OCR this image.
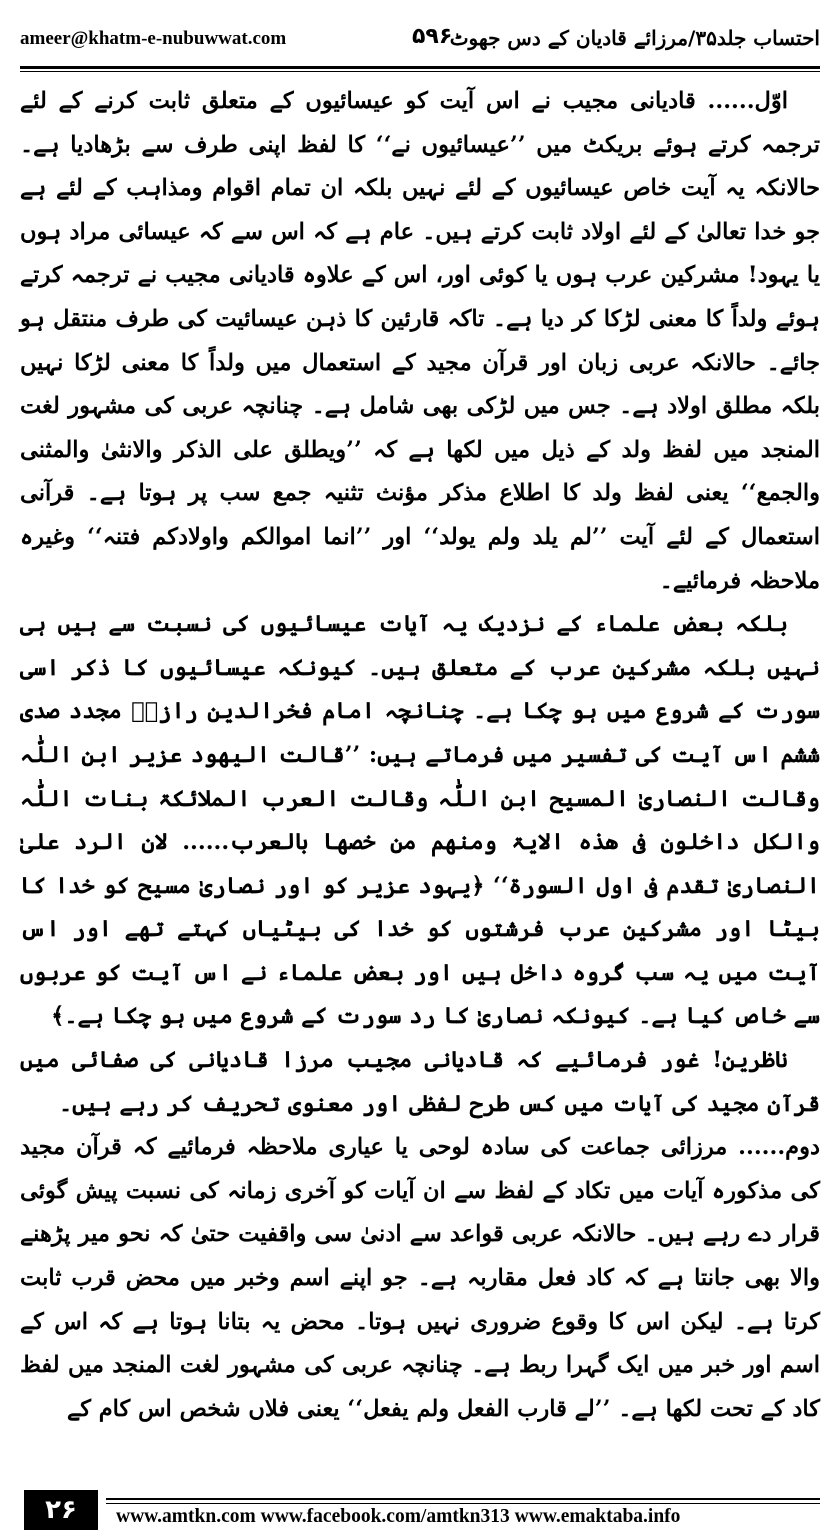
ameer@khatm-e-nubuwwat.com	۵۹۶
احتساب جلد۳۵/مرزائے قادیان کے دس جھوٹ

اوّل...... قادیانی مجیب نے اس آیت کو عیسائیوں کے متعلق ثابت کرنے کے لئے ترجمہ کرتے ہوئے بریکٹ میں ’’عیسائیوں نے‘‘ کا لفظ اپنی طرف سے بڑھادیا ہے۔ حالانکہ یہ آیت خاص عیسائیوں کے لئے نہیں بلکہ ان تمام اقوام ومذاہب کے لئے ہے جو خدا تعالیٰ کے لئے اولاد ثابت کرتے ہیں۔ عام ہے کہ اس سے کہ عیسائی مراد ہوں یا یہود! مشرکین عرب ہوں یا کوئی اور، اس کے علاوہ قادیانی مجیب نے ترجمہ کرتے ہوئے ولداً کا معنی لڑکا کر دیا ہے۔ تاکہ قارئین کا ذہن عیسائیت کی طرف منتقل ہو جائے۔ حالانکہ عربی زبان اور قرآن مجید کے استعمال میں ولداً کا معنی لڑکا نہیں بلکہ مطلق اولاد ہے۔ جس میں لڑکی بھی شامل ہے۔ چنانچہ عربی کی مشہور لغت المنجد میں لفظ ولد کے ذیل میں لکھا ہے کہ ’’ویطلق علی الذکر والانثیٰ والمثنی والجمع‘‘ یعنی لفظ ولد کا اطلاع مذکر مؤنث تثنیہ جمع سب پر ہوتا ہے۔ قرآنی استعمال کے لئے آیت ’’لم یلد ولم یولد‘‘ اور ’’انما اموالکم واولادکم فتنہ‘‘ وغیرہ ملاحظہ فرمائیے۔

بلکہ بعض علماء کے نزدیک یہ آیات عیسائیوں کی نسبت سے ہیں ہی نہیں بلکہ مشرکین عرب کے متعلق ہیں۔ کیونکہ عیسائیوں کا ذکر اسی سورت کے شروع میں ہو چکا ہے۔ چنانچہ امام فخرالدین رازیؒ مجدد صدی ششم اس آیت کی تفسیر میں فرماتے ہیں: ’’قالت الیھود عزیر ابن اللّٰہ وقالت النصاریٰ المسیح ابن اللّٰہ وقالت العرب الملائکۃ بنات اللّٰہ والکل داخلون فی ھذہ الایۃ ومنھم من خصھا بالعرب...... لان الرد علیٰ النصاریٰ تقدم فی اول السورۃ‘‘ ﴿یہود عزیر کو اور نصاریٰ مسیح کو خدا کا بیٹا اور مشرکین عرب فرشتوں کو خدا کی بیٹیاں کہتے تھے اور اس آیت میں یہ سب گروہ داخل ہیں اور بعض علماء نے اس آیت کو عربوں سے خاص کیا ہے۔ کیونکہ نصاریٰ کا رد سورت کے شروع میں ہو چکا ہے۔﴾

ناظرین! غور فرمائیے کہ قادیانی مجیب مرزا قادیانی کی صفائی میں قرآن مجید کی آیات میں کس طرح لفظی اور معنوی تحریف کر رہے ہیں۔

دوم...... مرزائی جماعت کی سادہ لوحی یا عیاری ملاحظہ فرمائیے کہ قرآن مجید کی مذکورہ آیات میں تکاد کے لفظ سے ان آیات کو آخری زمانہ کی نسبت پیش گوئی قرار دے رہے ہیں۔ حالانکہ عربی قواعد سے ادنیٰ سی واقفیت حتیٰ کہ نحو میر پڑھنے والا بھی جانتا ہے کہ کاد فعل مقاربہ ہے۔ جو اپنے اسم وخبر میں محض قرب ثابت کرتا ہے۔ لیکن اس کا وقوع ضروری نہیں ہوتا۔ محض یہ بتانا ہوتا ہے کہ اس کے اسم اور خبر میں ایک گہرا ربط ہے۔ چنانچہ عربی کی مشہور لغت المنجد میں لفظ کاد کے تحت لکھا ہے۔ ’’لے قارب الفعل ولم یفعل‘‘ یعنی فلاں شخص اس کام کے

۲۶	www.amtkn.com www.facebook.com/amtkn313 www.emaktaba.info
